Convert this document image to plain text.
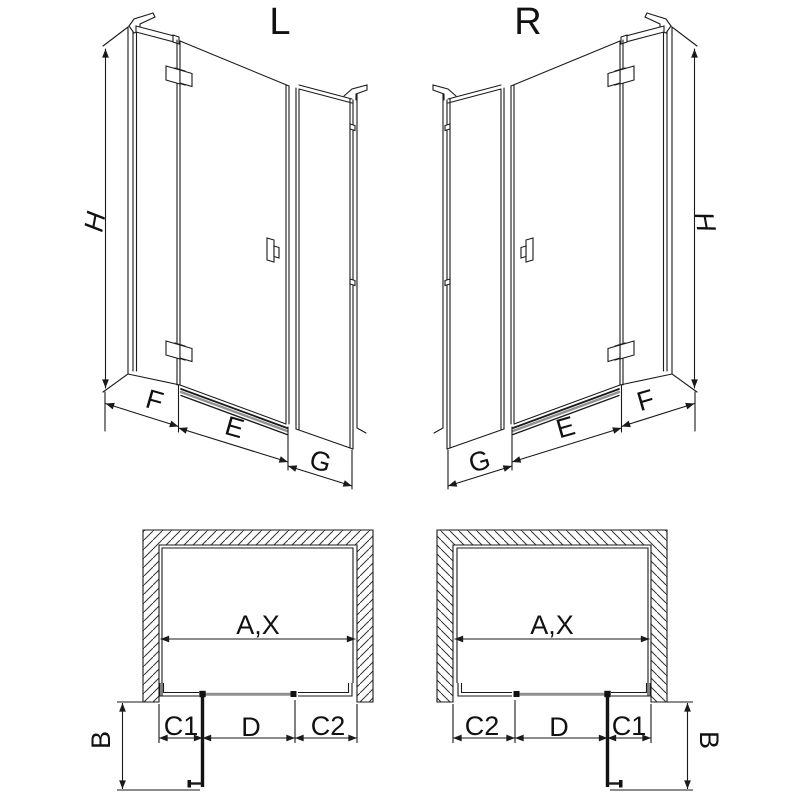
L
H
F
E
G
R
H
G
E
F
A,X
C1 D C2
B
A,X
C2 D C1 B
